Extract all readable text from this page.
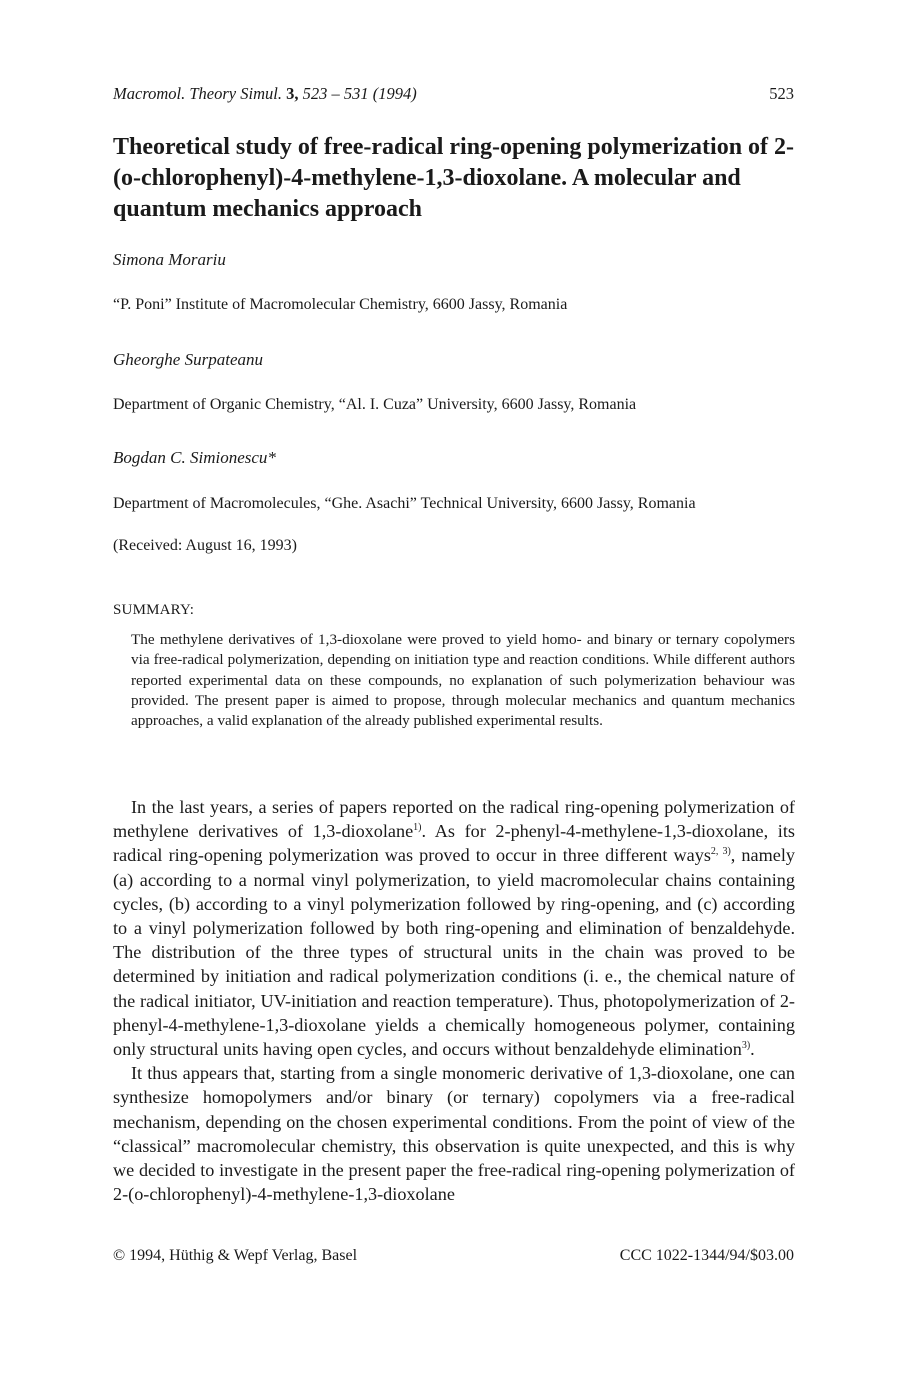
Macromol. Theory Simul. 3, 523 – 531 (1994)	523
Theoretical study of free-radical ring-opening polymerization of 2-(o-chlorophenyl)-4-methylene-1,3-dioxolane. A molecular and quantum mechanics approach
Simona Morariu
“P. Poni” Institute of Macromolecular Chemistry, 6600 Jassy, Romania
Gheorghe Surpateanu
Department of Organic Chemistry, “Al. I. Cuza” University, 6600 Jassy, Romania
Bogdan C. Simionescu*
Department of Macromolecules, “Ghe. Asachi” Technical University, 6600 Jassy, Romania
(Received: August 16, 1993)
SUMMARY:
The methylene derivatives of 1,3-dioxolane were proved to yield homo- and binary or ternary copolymers via free-radical polymerization, depending on initiation type and reaction conditions. While different authors reported experimental data on these compounds, no explanation of such polymerization behaviour was provided. The present paper is aimed to propose, through molecular mechanics and quantum mechanics approaches, a valid explanation of the already published experimental results.

In the last years, a series of papers reported on the radical ring-opening polymerization of methylene derivatives of 1,3-dioxolane$^{1)}$. As for 2-phenyl-4-methylene-1,3-dioxolane, its radical ring-opening polymerization was proved to occur in three different ways$^{2, 3)}$, namely (a) according to a normal vinyl polymerization, to yield macromolecular chains containing cycles, (b) according to a vinyl polymerization followed by ring-opening, and (c) according to a vinyl polymerization followed by both ring-opening and elimination of benzaldehyde. The distribution of the three types of structural units in the chain was proved to be determined by initiation and radical polymerization conditions (i. e., the chemical nature of the radical initiator, UV-initiation and reaction temperature). Thus, photopolymerization of 2-phenyl-4-methylene-1,3-dioxolane yields a chemically homogeneous polymer, containing only structural units having open cycles, and occurs without benzaldehyde elimination$^{3)}$.

It thus appears that, starting from a single monomeric derivative of 1,3-dioxolane, one can synthesize homopolymers and/or binary (or ternary) copolymers via a free-radical mechanism, depending on the chosen experimental conditions. From the point of view of the “classical” macromolecular chemistry, this observation is quite unexpected, and this is why we decided to investigate in the present paper the free-radical ring-opening polymerization of 2-(o-chlorophenyl)-4-methylene-1,3-dioxolane

© 1994, Hüthig & Wepf Verlag, Basel	CCC 1022-1344/94/$03.00
